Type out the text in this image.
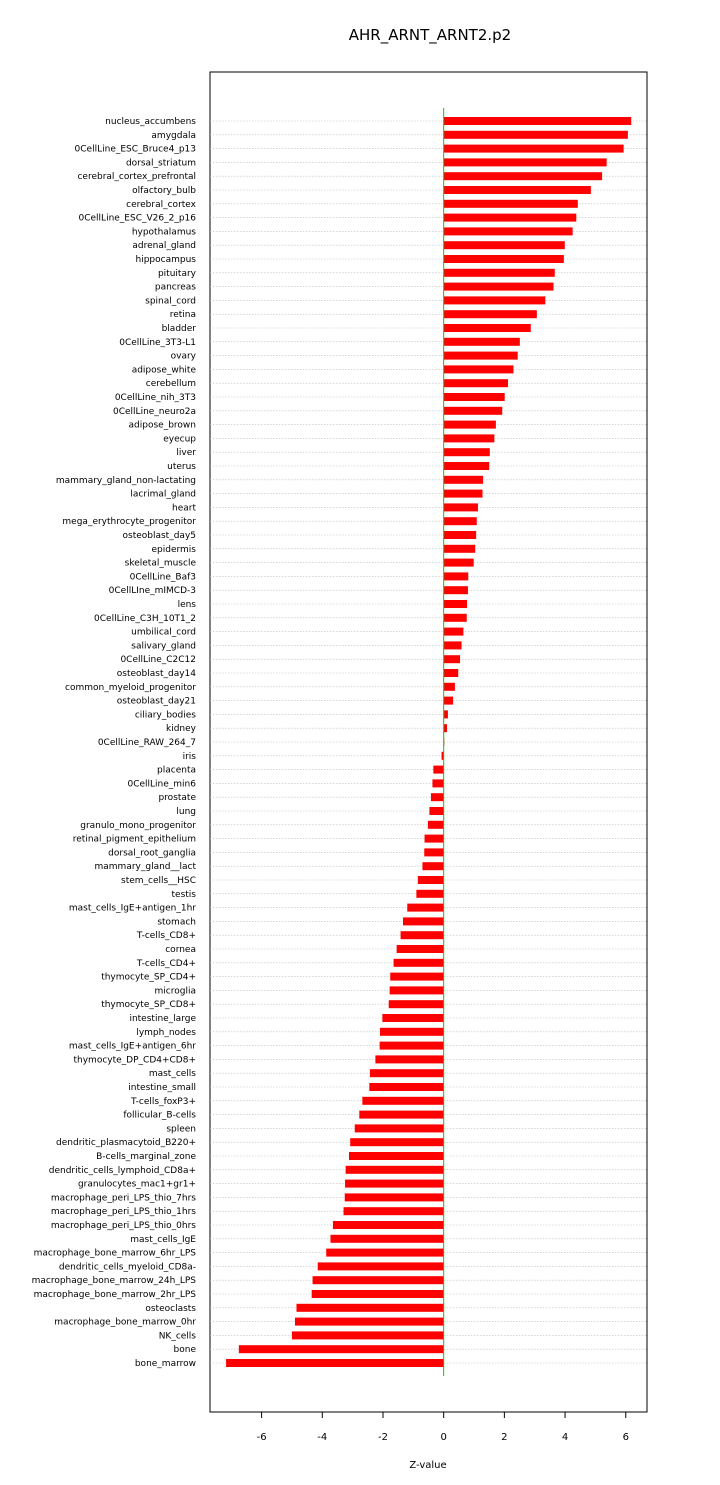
AHR_ARNT_ARNT2.p2
nucleus_accumbens
amygdala
0CellLine_ESC_Bruce4_p13
dorsal_striatum
cerebral_cortex_prefrontal
olfactory_bulb
cerebral_cortex
0CellLine_ESC_V26_2_p16
hypothalamus
adrenal_gland
hippocampus
pituitary
pancreas
spinal_cord
retina
bladder
0CellLine_3T3-L1
ovary
adipose_white
cerebellum
0CellLine_nih_3T3
0CellLine_neuro2a
adipose_brown
eyecup
liver
uterus
mammary_gland_non-lactating
lacrimal_gland
heart
mega_erythrocyte_progenitor
osteoblast_day5
epidermis
skeletal_muscle
0CellLine_Baf3
0CellLIne_mIMCD-3
lens
0CellLine_C3H_10T1_2
umbilical_cord
salivary_gland
0CellLine_C2C12
osteoblast_day14
common_myeloid_progenitor
osteoblast_day21
ciliary_bodies
kidney
0CellLine_RAW_264_7
iris
placenta
0CellLine_min6
prostate
lung
granulo_mono_progenitor
retinal_pigment_epithelium
dorsal_root_ganglia
mammary_gland__lact
stem_cells__HSC
testis
mast_cells_IgE+antigen_1hr
stomach
T-cells_CD8+
cornea
T-cells_CD4+
thymocyte_SP_CD4+
microglia
thymocyte_SP_CD8+
intestine_large
lymph_nodes
mast_cells_IgE+antigen_6hr
thymocyte_DP_CD4+CD8+
mast_cells
intestine_small
T-cells_foxP3+
follicular_B-cells
spleen
dendritic_plasmacytoid_B220+
B-cells_marginal_zone
dendritic_cells_lymphoid_CD8a+
granulocytes_mac1+gr1+
macrophage_peri_LPS_thio_7hrs
macrophage_peri_LPS_thio_1hrs
macrophage_peri_LPS_thio_0hrs
mast_cells_IgE
macrophage_bone_marrow_6hr_LPS
dendritic_cells_myeloid_CD8a-
macrophage_bone_marrow_24h_LPS
macrophage_bone_marrow_2hr_LPS
osteoclasts
macrophage_bone_marrow_0hr
NK_cells
bone
bone_marrow
-6	-4	-2	0	2	4	6
Z-value
